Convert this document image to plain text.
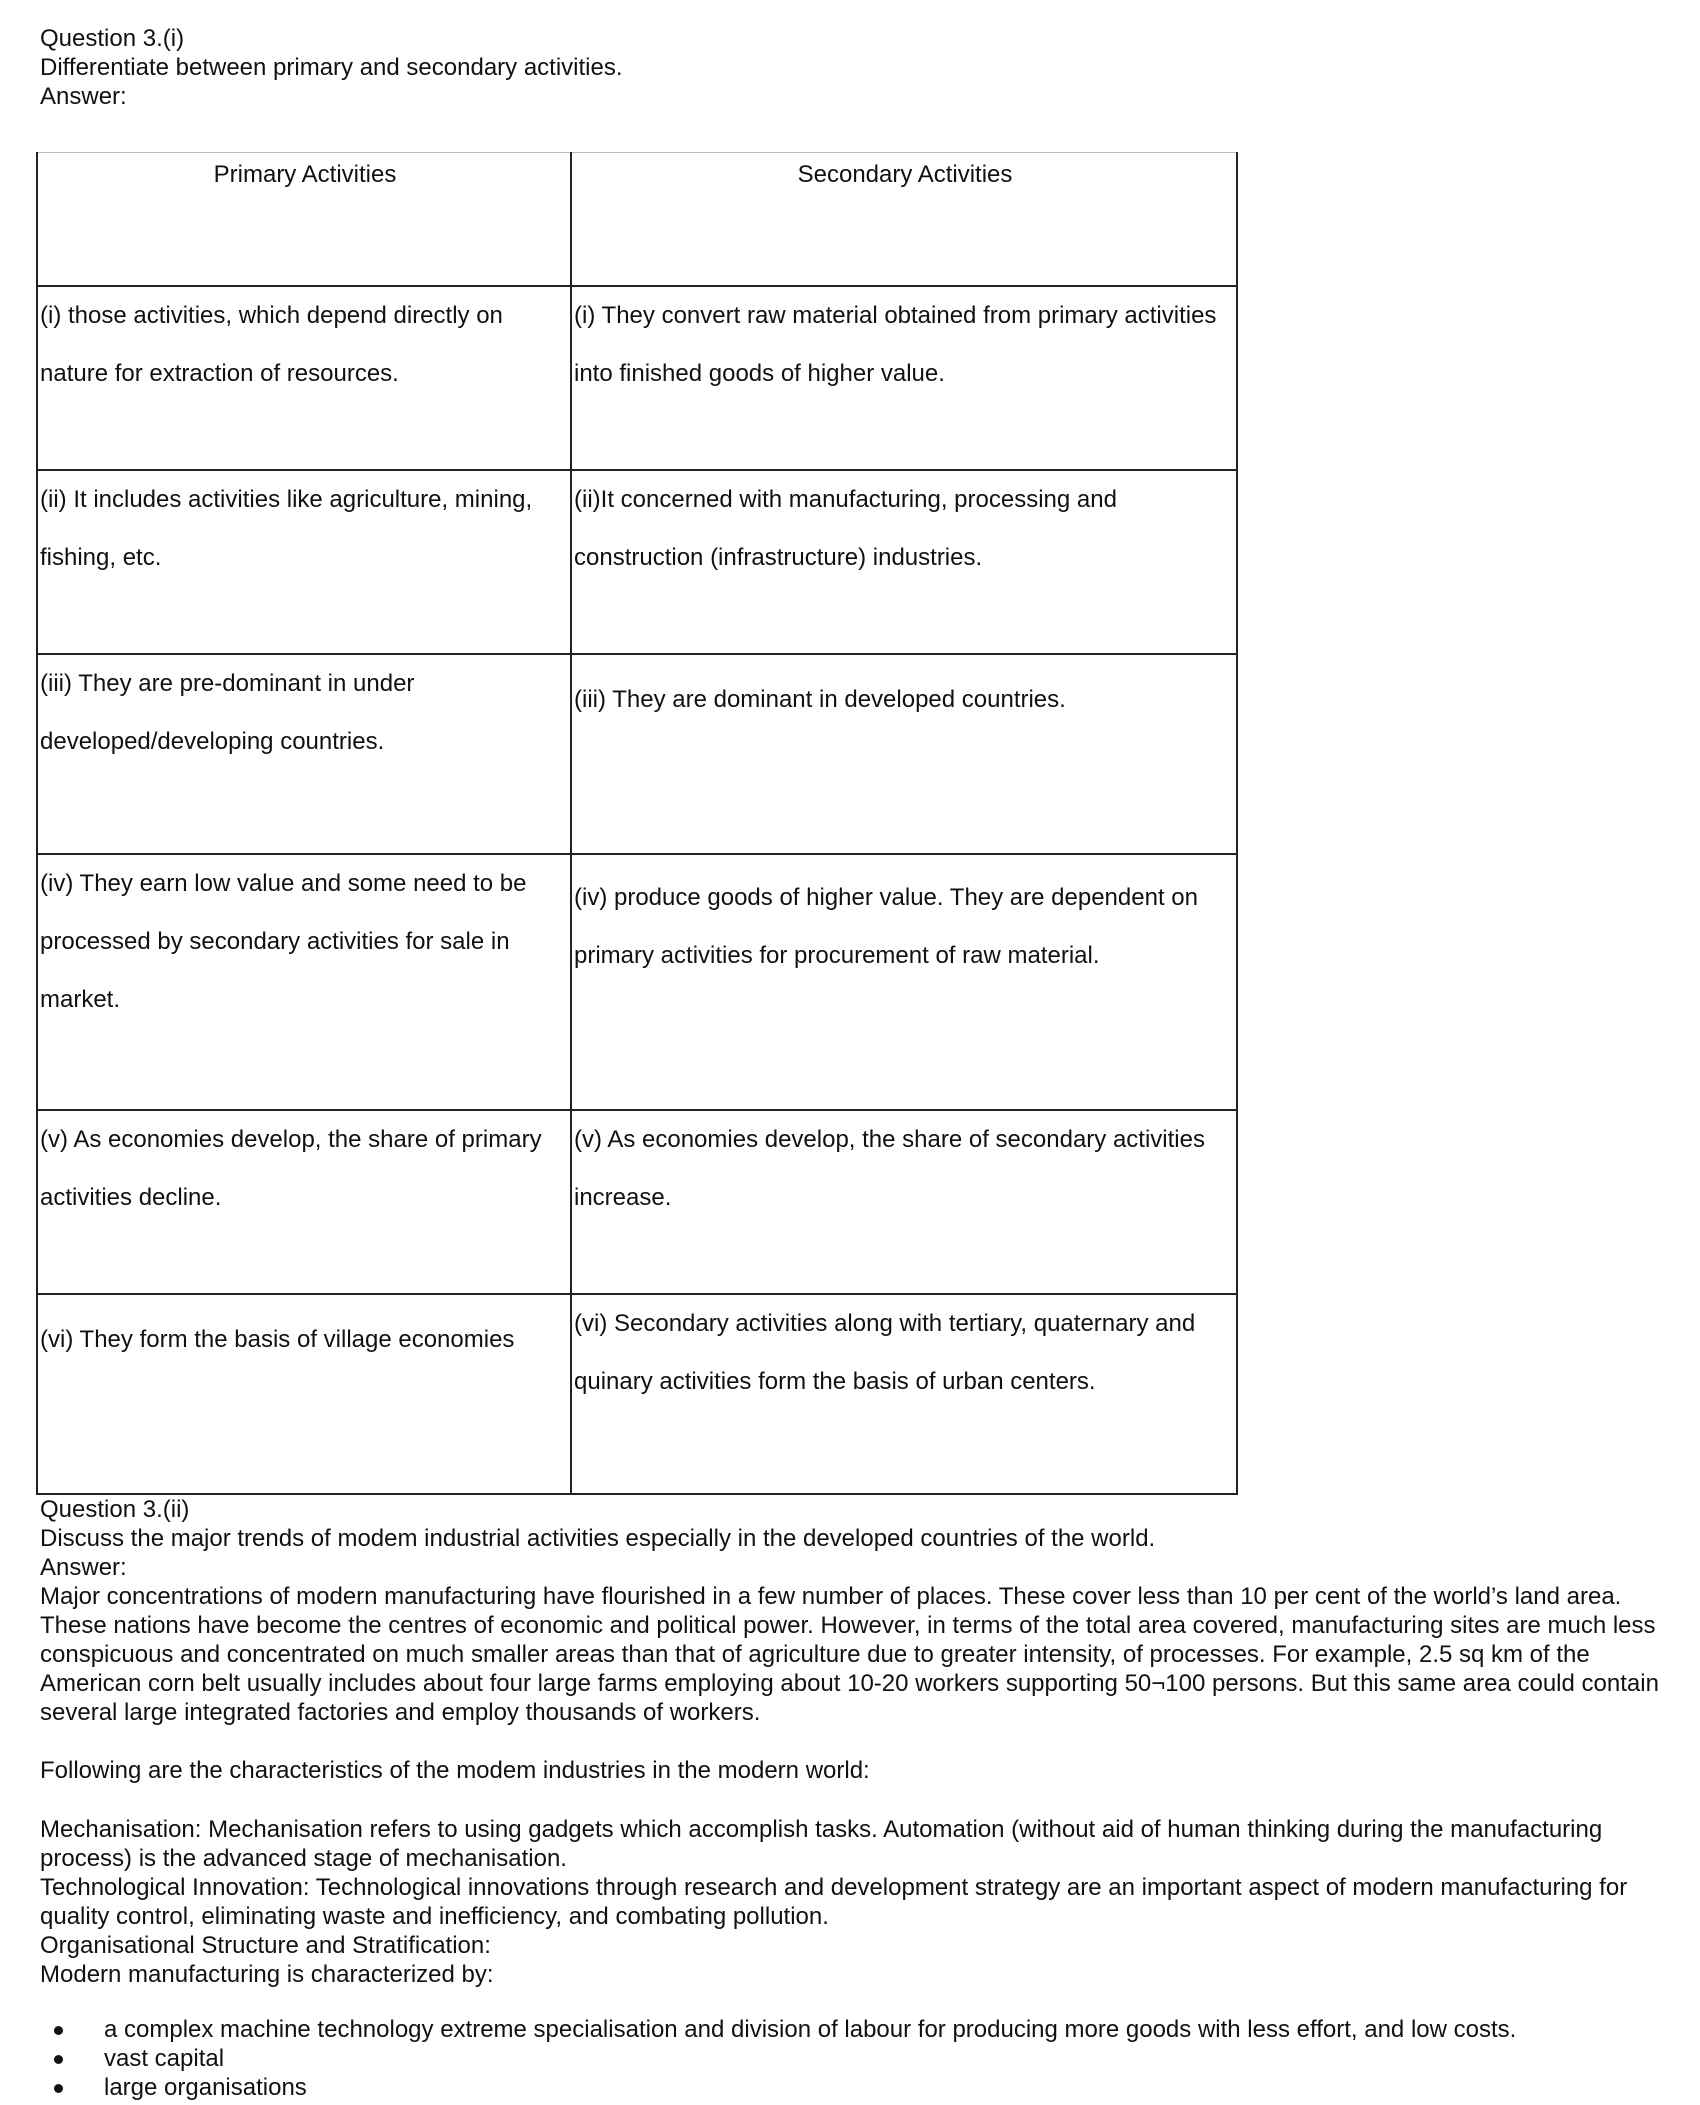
Question 3.(i)
Differentiate between primary and secondary activities.
Answer:
Primary Activities	Secondary Activities

(i) those activities, which depend directly on nature for extraction of resources.	(i) They convert raw material obtained from primary activities into finished goods of higher value.

(ii) It includes activities like agriculture, mining, fishing, etc.	(ii)It concerned with manufacturing, processing and construction (infrastructure) industries.

(iii) They are pre-dominant in under developed/developing countries.	(iii) They are dominant in developed countries.

(iv) They earn low value and some need to be processed by secondary activities for sale in market.	(iv) produce goods of higher value. They are dependent on primary activities for procurement of raw material.

(v) As economies develop, the share of primary activities decline.	(v) As economies develop, the share of secondary activities increase.

(vi) They form the basis of village economies	(vi) Secondary activities along with tertiary, quaternary and quinary activities form the basis of urban centers.
Question 3.(ii)
Discuss the major trends of modem industrial activities especially in the developed countries of the world.
Answer:
Major concentrations of modern manufacturing have flourished in a few number of places. These cover less than 10 per cent of the world’s land area. These nations have become the centres of economic and political power. However, in terms of the total area covered, manufacturing sites are much less conspicuous and concentrated on much smaller areas than that of agriculture due to greater intensity, of processes. For example, 2.5 sq km of the American corn belt usually includes about four large farms employing about 10-20 workers supporting 50¬100 persons. But this same area could contain several large integrated factories and employ thousands of workers.
Following are the characteristics of the modem industries in the modern world:
Mechanisation: Mechanisation refers to using gadgets which accomplish tasks. Automation (without aid of human thinking during the manufacturing process) is the advanced stage of mechanisation.
Technological Innovation: Technological innovations through research and development strategy are an important aspect of modern manufacturing for quality control, eliminating waste and inefficiency, and combating pollution.
Organisational Structure and Stratification:
Modern manufacturing is characterized by:
a complex machine technology extreme specialisation and division of labour for producing more goods with less effort, and low costs.
vast capital
large organisations
